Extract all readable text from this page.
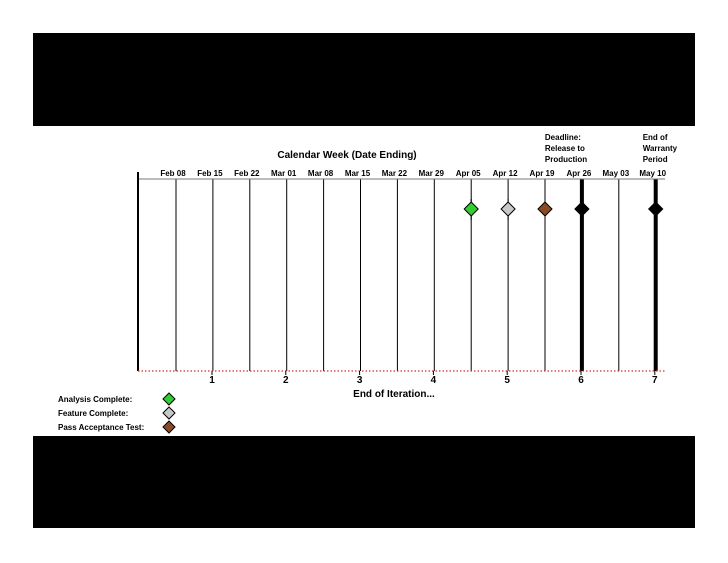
Calendar Week (Date Ending)
End of Iteration...
Feb 08 Feb 15 Feb 22 Mar 01 Mar 08 Mar 15 Mar 22 Mar 29 Apr 05 Apr 12 Apr 19 Apr 26 May 03 May 10
1	2	3	4	5	6	7
Deadline:
Release to
Production
End of
Warranty
Period
Analysis Complete:
Feature Complete:
Pass Acceptance Test:
